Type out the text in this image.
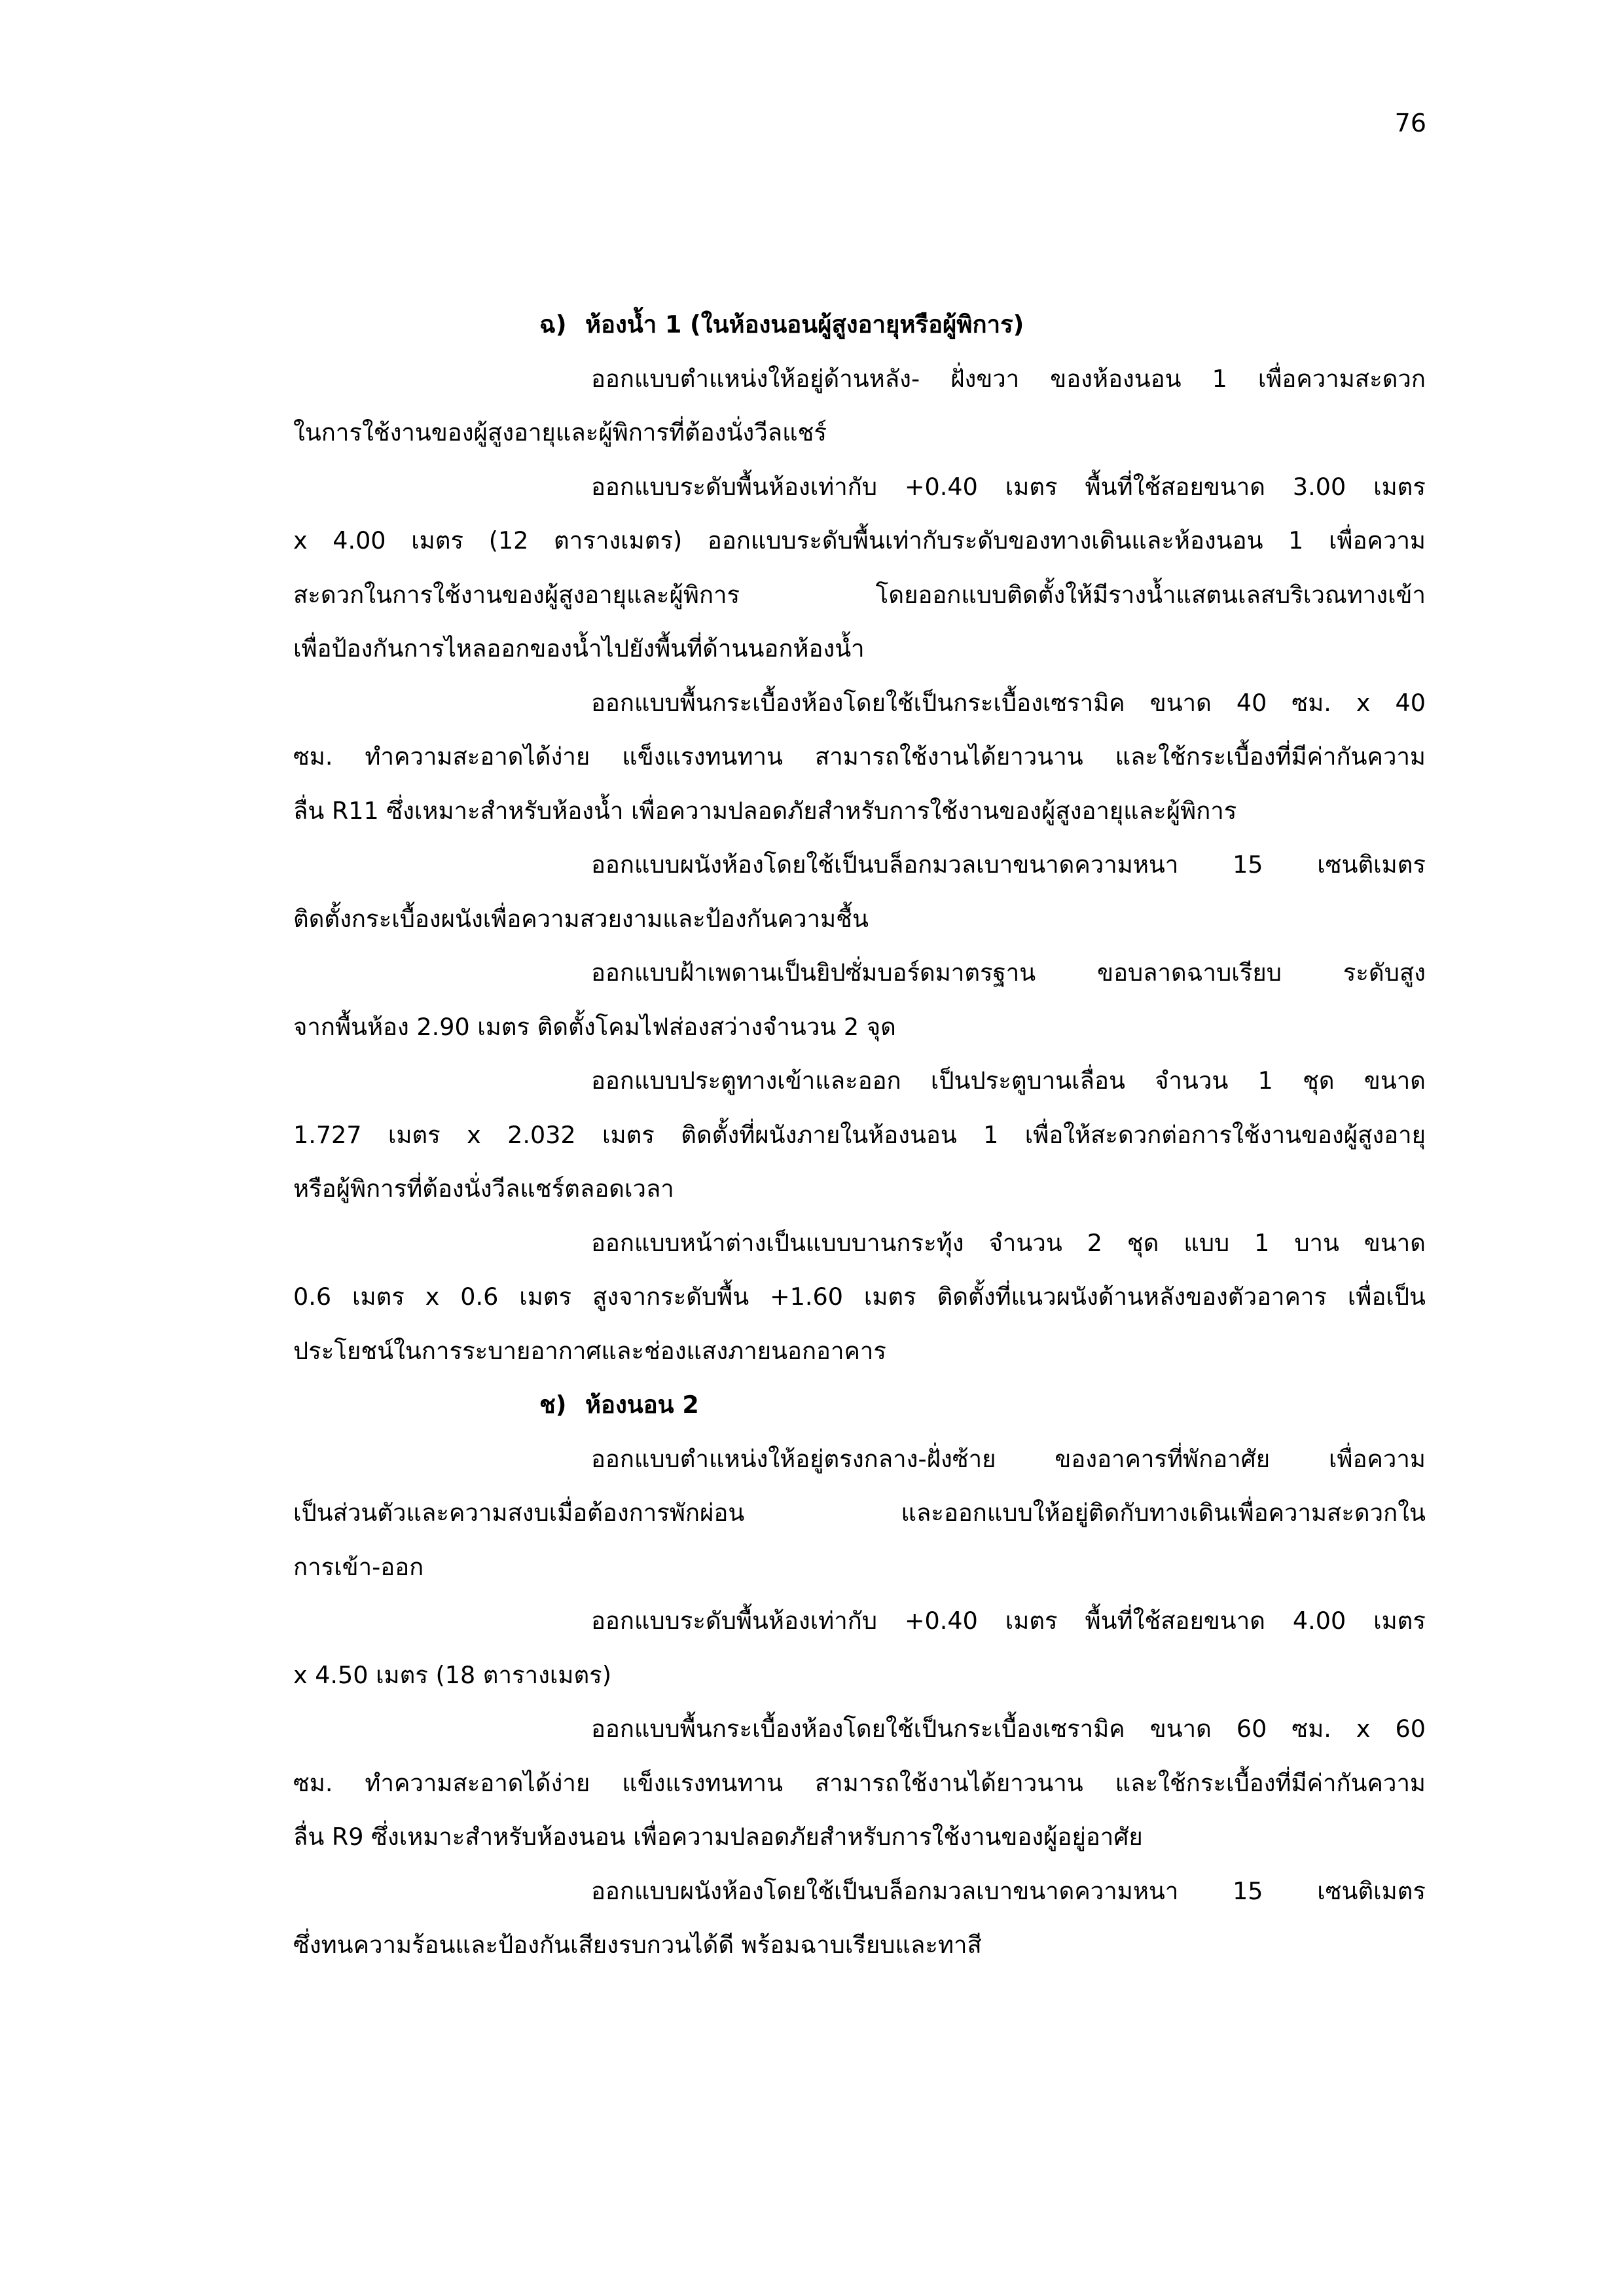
76
ฉ) ห้องน้ำ 1 (ในห้องนอนผู้สูงอายุหรือผู้พิการ)
ออกแบบตำแหน่งให้อยู่ด้านหลัง- ฝั่งขวา ของห้องนอน 1 เพื่อความสะดวก
ในการใช้งานของผู้สูงอายุและผู้พิการที่ต้องนั่งวีลแชร์
ออกแบบระดับพื้นห้องเท่ากับ +0.40 เมตร พื้นที่ใช้สอยขนาด 3.00 เมตร
x 4.00 เมตร (12 ตารางเมตร) ออกแบบระดับพื้นเท่ากับระดับของทางเดินและห้องนอน 1 เพื่อความ
สะดวกในการใช้งานของผู้สูงอายุและผู้พิการ โดยออกแบบติดตั้งให้มีรางน้ำแสตนเลสบริเวณทางเข้า
เพื่อป้องกันการไหลออกของน้ำไปยังพื้นที่ด้านนอกห้องน้ำ
ออกแบบพื้นกระเบื้องห้องโดยใช้เป็นกระเบื้องเซรามิค ขนาด 40 ซม. x 40
ซม. ทำความสะอาดได้ง่าย แข็งแรงทนทาน สามารถใช้งานได้ยาวนาน และใช้กระเบื้องที่มีค่ากันความ
ลื่น R11 ซึ่งเหมาะสำหรับห้องน้ำ เพื่อความปลอดภัยสำหรับการใช้งานของผู้สูงอายุและผู้พิการ
ออกแบบผนังห้องโดยใช้เป็นบล็อกมวลเบาขนาดความหนา 15 เซนติเมตร
ติดตั้งกระเบื้องผนังเพื่อความสวยงามและป้องกันความชื้น
ออกแบบฝ้าเพดานเป็นยิปซั่มบอร์ดมาตรฐาน ขอบลาดฉาบเรียบ ระดับสูง
จากพื้นห้อง 2.90 เมตร ติดตั้งโคมไฟส่องสว่างจำนวน 2 จุด
ออกแบบประตูทางเข้าและออก เป็นประตูบานเลื่อน จำนวน 1 ชุด ขนาด
1.727 เมตร x 2.032 เมตร ติดตั้งที่ผนังภายในห้องนอน 1 เพื่อให้สะดวกต่อการใช้งานของผู้สูงอายุ
หรือผู้พิการที่ต้องนั่งวีลแชร์ตลอดเวลา
ออกแบบหน้าต่างเป็นแบบบานกระทุ้ง จำนวน 2 ชุด แบบ 1 บาน ขนาด
0.6 เมตร x 0.6 เมตร สูงจากระดับพื้น +1.60 เมตร ติดตั้งที่แนวผนังด้านหลังของตัวอาคาร เพื่อเป็น
ประโยชน์ในการระบายอากาศและช่องแสงภายนอกอาคาร
ช) ห้องนอน 2
ออกแบบตำแหน่งให้อยู่ตรงกลาง-ฝั่งซ้าย ของอาคารที่พักอาศัย เพื่อความ
เป็นส่วนตัวและความสงบเมื่อต้องการพักผ่อน และออกแบบให้อยู่ติดกับทางเดินเพื่อความสะดวกใน
การเข้า-ออก
ออกแบบระดับพื้นห้องเท่ากับ +0.40 เมตร พื้นที่ใช้สอยขนาด 4.00 เมตร
x 4.50 เมตร (18 ตารางเมตร)
ออกแบบพื้นกระเบื้องห้องโดยใช้เป็นกระเบื้องเซรามิค ขนาด 60 ซม. x 60
ซม. ทำความสะอาดได้ง่าย แข็งแรงทนทาน สามารถใช้งานได้ยาวนาน และใช้กระเบื้องที่มีค่ากันความ
ลื่น R9 ซึ่งเหมาะสำหรับห้องนอน เพื่อความปลอดภัยสำหรับการใช้งานของผู้อยู่อาศัย
ออกแบบผนังห้องโดยใช้เป็นบล็อกมวลเบาขนาดความหนา 15 เซนติเมตร
ซึ่งทนความร้อนและป้องกันเสียงรบกวนได้ดี พร้อมฉาบเรียบและทาสี
